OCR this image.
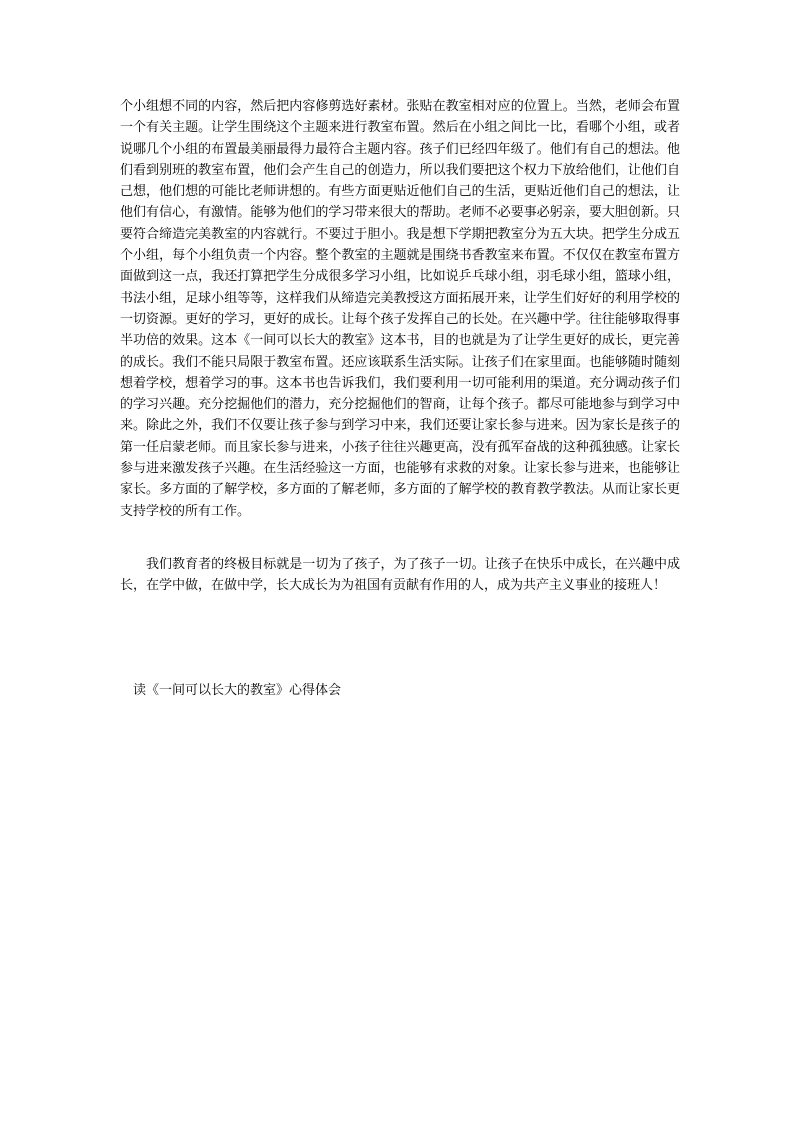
个小组想不同的内容，然后把内容修剪选好素材。张贴在教室相对应的位置上。当然，老师会布置一个有关主题。让学生围绕这个主题来进行教室布置。然后在小组之间比一比，看哪个小组，或者说哪几个小组的布置最美丽最得力最符合主题内容。孩子们已经四年级了。他们有自己的想法。他们看到别班的教室布置，他们会产生自己的创造力，所以我们要把这个权力下放给他们，让他们自己想，他们想的可能比老师讲想的。有些方面更贴近他们自己的生活，更贴近他们自己的想法，让他们有信心，有激情。能够为他们的学习带来很大的帮助。老师不必要事必躬亲，要大胆创新。只要符合缔造完美教室的内容就行。不要过于胆小。我是想下学期把教室分为五大块。把学生分成五个小组，每个小组负责一个内容。整个教室的主题就是围绕书香教室来布置。不仅仅在教室布置方面做到这一点，我还打算把学生分成很多学习小组，比如说乒乓球小组，羽毛球小组，篮球小组，书法小组，足球小组等等，这样我们从缔造完美教授这方面拓展开来，让学生们好好的利用学校的一切资源。更好的学习，更好的成长。让每个孩子发挥自己的长处。在兴趣中学。往往能够取得事半功倍的效果。这本《一间可以长大的教室》这本书，目的也就是为了让学生更好的成长，更完善的成长。我们不能只局限于教室布置。还应该联系生活实际。让孩子们在家里面。也能够随时随刻想着学校，想着学习的事。这本书也告诉我们，我们要利用一切可能利用的渠道。充分调动孩子们的学习兴趣。充分挖掘他们的潜力，充分挖掘他们的智商，让每个孩子。都尽可能地参与到学习中来。除此之外，我们不仅要让孩子参与到学习中来，我们还要让家长参与进来。因为家长是孩子的第一任启蒙老师。而且家长参与进来，小孩子往往兴趣更高，没有孤军奋战的这种孤独感。让家长参与进来激发孩子兴趣。在生活经验这一方面，也能够有求救的对象。让家长参与进来，也能够让家长。多方面的了解学校，多方面的了解老师，多方面的了解学校的教育教学教法。从而让家长更支持学校的所有工作。

我们教育者的终极目标就是一切为了孩子，为了孩子一切。让孩子在快乐中成长，在兴趣中成长，在学中做，在做中学，长大成长为为祖国有贡献有作用的人，成为共产主义事业的接班人！

读《一间可以长大的教室》心得体会
